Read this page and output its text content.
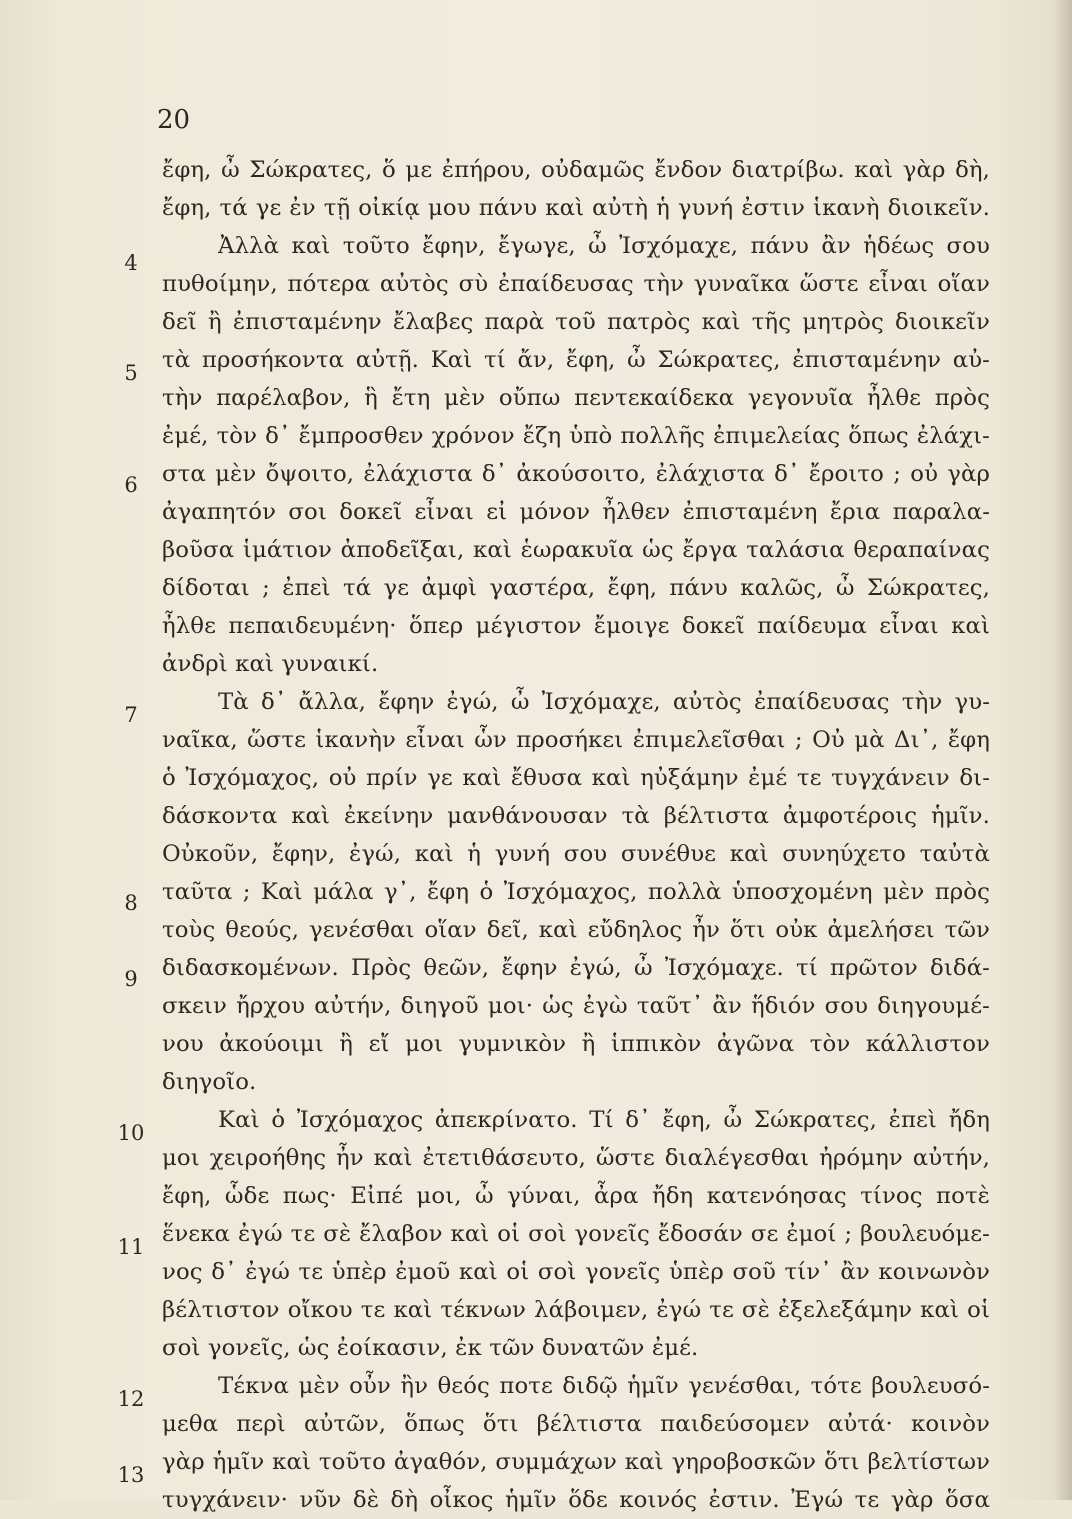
20
ἔφη, ὦ Σώκρατες, ὅ με ἐπήρου, οὐδαμῶς ἔνδον διατρίβω. καὶ γὰρ δὴ,
ἔφη, τά γε ἐν τῇ οἰκίᾳ μου πάνυ καὶ αὐτὴ ἡ γυνή ἐστιν ἱκανὴ διοικεῖν.
Ἀλλὰ καὶ τοῦτο ἔφην, ἔγωγε, ὦ Ἰσχόμαχε, πάνυ ἂν ἡδέως σου
πυθοίμην, πότερα αὐτὸς σὺ ἐπαίδευσας τὴν γυναῖκα ὥστε εἶναι οἵαν
δεῖ ἢ ἐπισταμένην ἔλαβες παρὰ τοῦ πατρὸς καὶ τῆς μητρὸς διοικεῖν
τὰ προσήκοντα αὐτῇ. Καὶ τί ἄν, ἔφη, ὦ Σώκρατες, ἐπισταμένην αὐ-
τὴν παρέλαβον, ἣ ἔτη μὲν οὔπω πεντεκαίδεκα γεγονυῖα ἦλθε πρὸς
ἐμέ, τὸν δ᾽ ἔμπροσθεν χρόνον ἔζη ὑπὸ πολλῆς ἐπιμελείας ὅπως ἐλάχι-
στα μὲν ὄψοιτο, ἐλάχιστα δ᾽ ἀκούσοιτο, ἐλάχιστα δ᾽ ἔροιτο ; οὐ γὰρ
ἀγαπητόν σοι δοκεῖ εἶναι εἰ μόνον ἦλθεν ἐπισταμένη ἔρια παραλα-
βοῦσα ἱμάτιον ἀποδεῖξαι, καὶ ἑωρακυῖα ὡς ἔργα ταλάσια θεραπαίνας
δίδοται ; ἐπεὶ τά γε ἀμφὶ γαστέρα, ἔφη, πάνυ καλῶς, ὦ Σώκρατες,
ἦλθε πεπαιδευμένη· ὅπερ μέγιστον ἔμοιγε δοκεῖ παίδευμα εἶναι καὶ
ἀνδρὶ καὶ γυναικί.
Τὰ δ᾽ ἄλλα, ἔφην ἐγώ, ὦ Ἰσχόμαχε, αὐτὸς ἐπαίδευσας τὴν γυ-
ναῖκα, ὥστε ἱκανὴν εἶναι ὧν προσήκει ἐπιμελεῖσθαι ; Οὐ μὰ Δι᾽, ἔφη
ὁ Ἰσχόμαχος, οὐ πρίν γε καὶ ἔθυσα καὶ ηὐξάμην ἐμέ τε τυγχάνειν δι-
δάσκοντα καὶ ἐκείνην μανθάνουσαν τὰ βέλτιστα ἀμφοτέροις ἡμῖν.
Οὐκοῦν, ἔφην, ἐγώ, καὶ ἡ γυνή σου συνέθυε καὶ συνηύχετο ταὐτὰ
ταῦτα ; Καὶ μάλα γ᾽, ἔφη ὁ Ἰσχόμαχος, πολλὰ ὑποσχομένη μὲν πρὸς
τοὺς θεούς, γενέσθαι οἵαν δεῖ, καὶ εὔδηλος ἦν ὅτι οὐκ ἀμελήσει τῶν
διδασκομένων. Πρὸς θεῶν, ἔφην ἐγώ, ὦ Ἰσχόμαχε. τί πρῶτον διδά-
σκειν ἤρχου αὐτήν, διηγοῦ μοι· ὡς ἐγὼ ταῦτ᾽ ἂν ἥδιόν σου διηγουμέ-
νου ἀκούοιμι ἢ εἴ μοι γυμνικὸν ἢ ἱππικὸν ἀγῶνα τὸν κάλλιστον
διηγοῖο.
Καὶ ὁ Ἰσχόμαχος ἀπεκρίνατο. Τί δ᾽ ἔφη, ὦ Σώκρατες, ἐπεὶ ἤδη
μοι χειροήθης ἦν καὶ ἐτετιθάσευτο, ὥστε διαλέγεσθαι ἠρόμην αὐτήν,
ἔφη, ὧδε πως· Εἰπέ μοι, ὦ γύναι, ἆρα ἤδη κατενόησας τίνος ποτὲ
ἕνεκα ἐγώ τε σὲ ἔλαβον καὶ οἱ σοὶ γονεῖς ἔδοσάν σε ἐμοί ; βουλευόμε-
νος δ᾽ ἐγώ τε ὑπὲρ ἐμοῦ καὶ οἱ σοὶ γονεῖς ὑπὲρ σοῦ τίν᾽ ἂν κοινωνὸν
βέλτιστον οἴκου τε καὶ τέκνων λάβοιμεν, ἐγώ τε σὲ ἐξελεξάμην καὶ οἱ
σοὶ γονεῖς, ὡς ἐοίκασιν, ἐκ τῶν δυνατῶν ἐμέ.
Τέκνα μὲν οὖν ἢν θεός ποτε διδῷ ἡμῖν γενέσθαι, τότε βουλευσό-
μεθα περὶ αὐτῶν, ὅπως ὅτι βέλτιστα παιδεύσομεν αὐτά· κοινὸν
γὰρ ἡμῖν καὶ τοῦτο ἀγαθόν, συμμάχων καὶ γηροβοσκῶν ὅτι βελτίστων
τυγχάνειν· νῦν δὲ δὴ οἶκος ἡμῖν ὅδε κοινός ἐστιν. Ἐγώ τε γὰρ ὅσα
4
5
6
7
8
9
10
11
12
13
